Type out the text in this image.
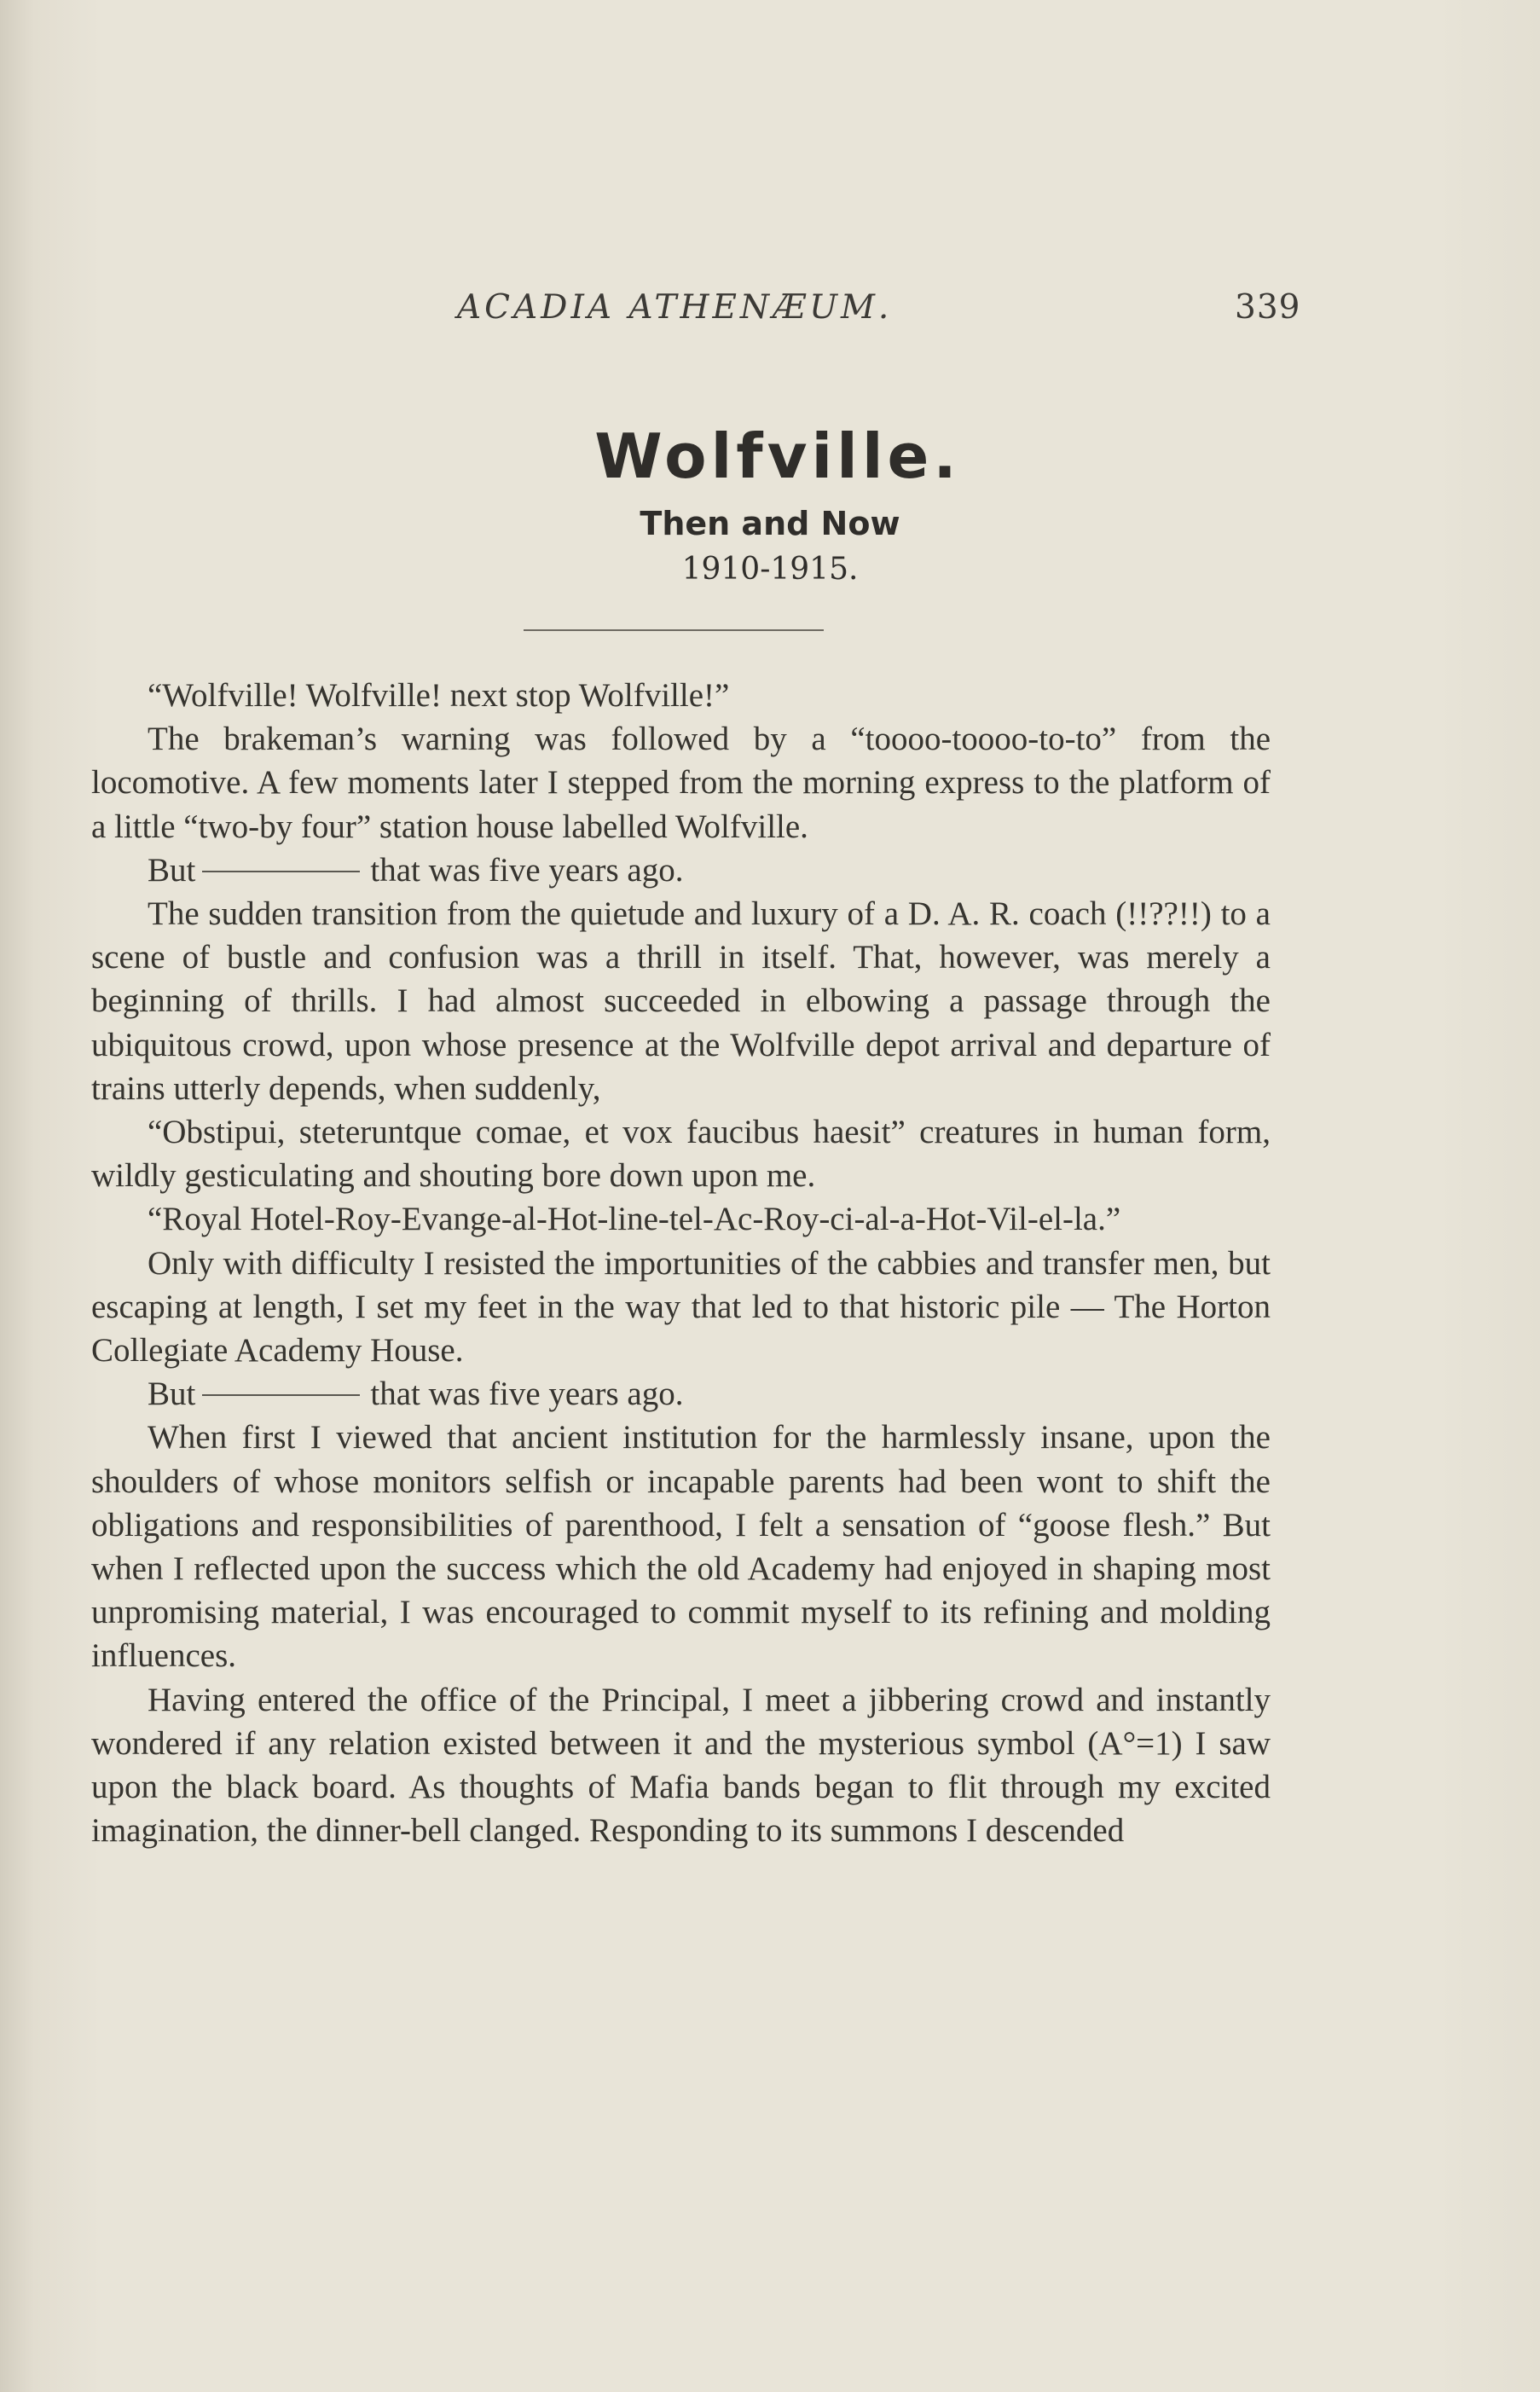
ACADIA ATHENÆUM.	339
Wolfville.
Then and Now
1910-1915.

“Wolfville! Wolfville! next stop Wolfville!”

The brakeman’s warning was followed by a “toooo-toooo-to-to” from the locomotive. A few moments later I stepped from the morning express to the platform of a little “two-by four” station house labelled Wolfville.

But	that was five years ago.

The sudden transition from the quietude and luxury of a D. A. R. coach (!!??!!) to a scene of bustle and confusion was a thrill in itself. That, however, was merely a beginning of thrills. I had almost succeeded in elbowing a passage through the ubiquitous crowd, upon whose presence at the Wolfville depot arrival and departure of trains utterly depends, when suddenly,

“Obstipui, steteruntque comae, et vox faucibus haesit” creatures in human form, wildly gesticulating and shouting bore down upon me.

“Royal Hotel-Roy-Evange-al-Hot-line-tel-Ac-Roy-ci-al-a-Hot-Vil-el-la.”

Only with difficulty I resisted the importunities of the cabbies and transfer men, but escaping at length, I set my feet in the way that led to that historic pile — The Horton Collegiate Academy House.

But	that was five years ago.

When first I viewed that ancient institution for the harmlessly insane, upon the shoulders of whose monitors selfish or incapable parents had been wont to shift the obligations and responsibilities of parenthood, I felt a sensation of “goose flesh.” But when I reflected upon the success which the old Academy had enjoyed in shaping most unpromising material, I was encouraged to commit myself to its refining and molding influences.

Having entered the office of the Principal, I meet a jibbering crowd and instantly wondered if any relation existed between it and the mysterious symbol (A°=1) I saw upon the black board. As thoughts of Mafia bands began to flit through my excited imagination, the dinner-bell clanged. Responding to its summons I descended
